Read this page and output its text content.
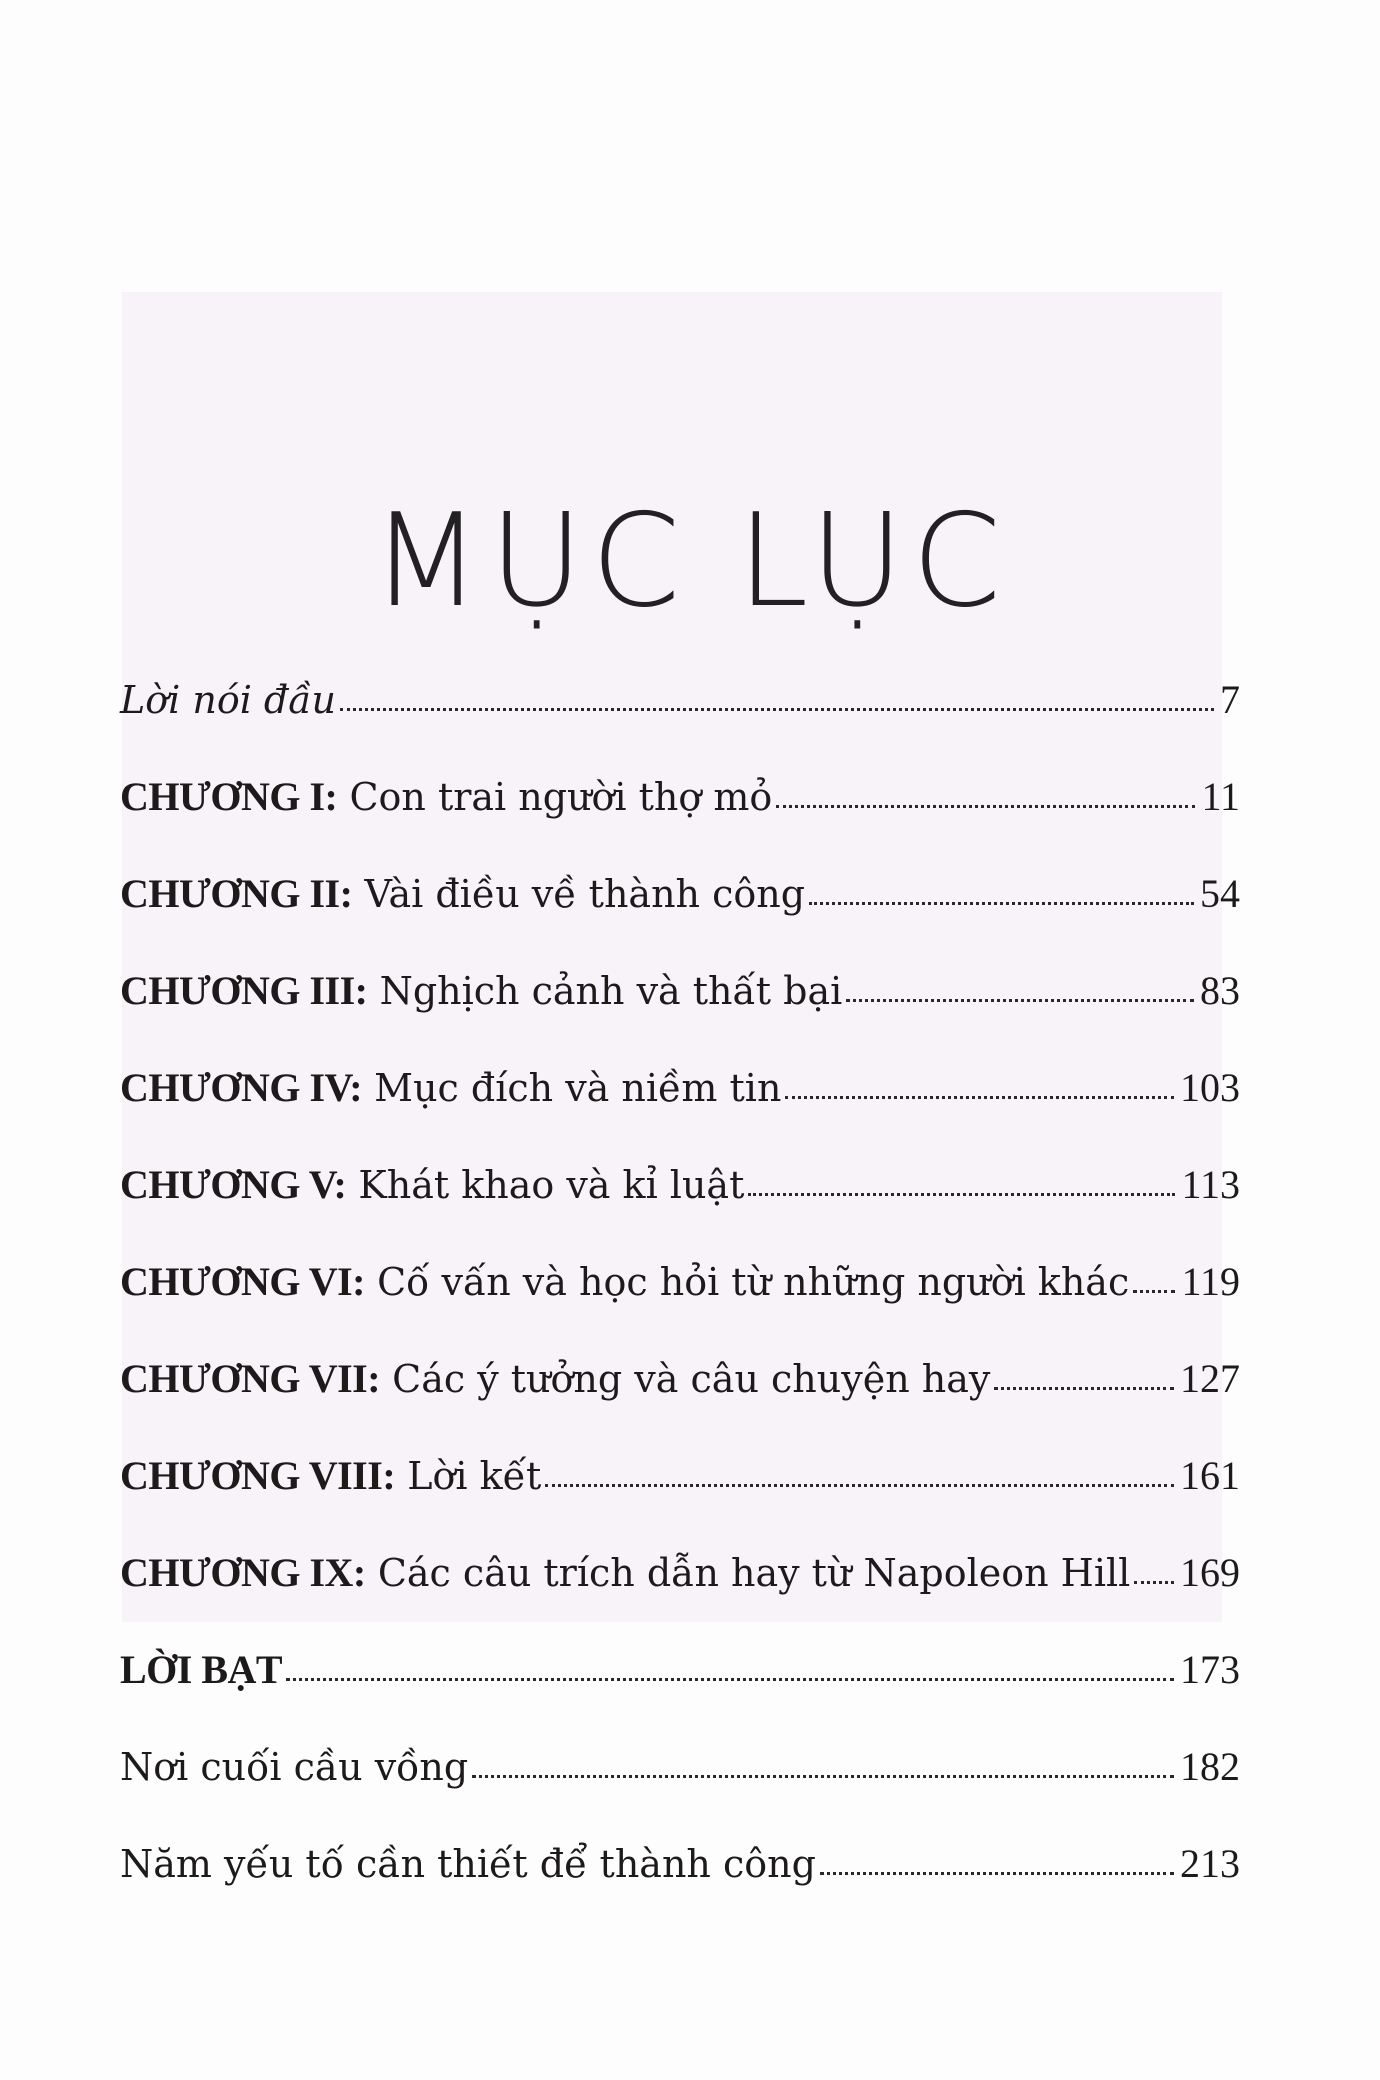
MỤC LỤC
Lời nói đầu	7
CHƯƠNG I: Con trai người thợ mỏ	11
CHƯƠNG II: Vài điều về thành công	54
CHƯƠNG III: Nghịch cảnh và thất bại	83
CHƯƠNG IV: Mục đích và niềm tin	103
CHƯƠNG V: Khát khao và kỉ luật	113
CHƯƠNG VI: Cố vấn và học hỏi từ những người khác 119
CHƯƠNG VII: Các ý tưởng và câu chuyện hay	127
CHƯƠNG VIII: Lời kết	161
CHƯƠNG IX: Các câu trích dẫn hay từ Napoleon Hill 169
LỜI BẠT	173
Nơi cuối cầu vồng	182
Năm yếu tố cần thiết để thành công	213
